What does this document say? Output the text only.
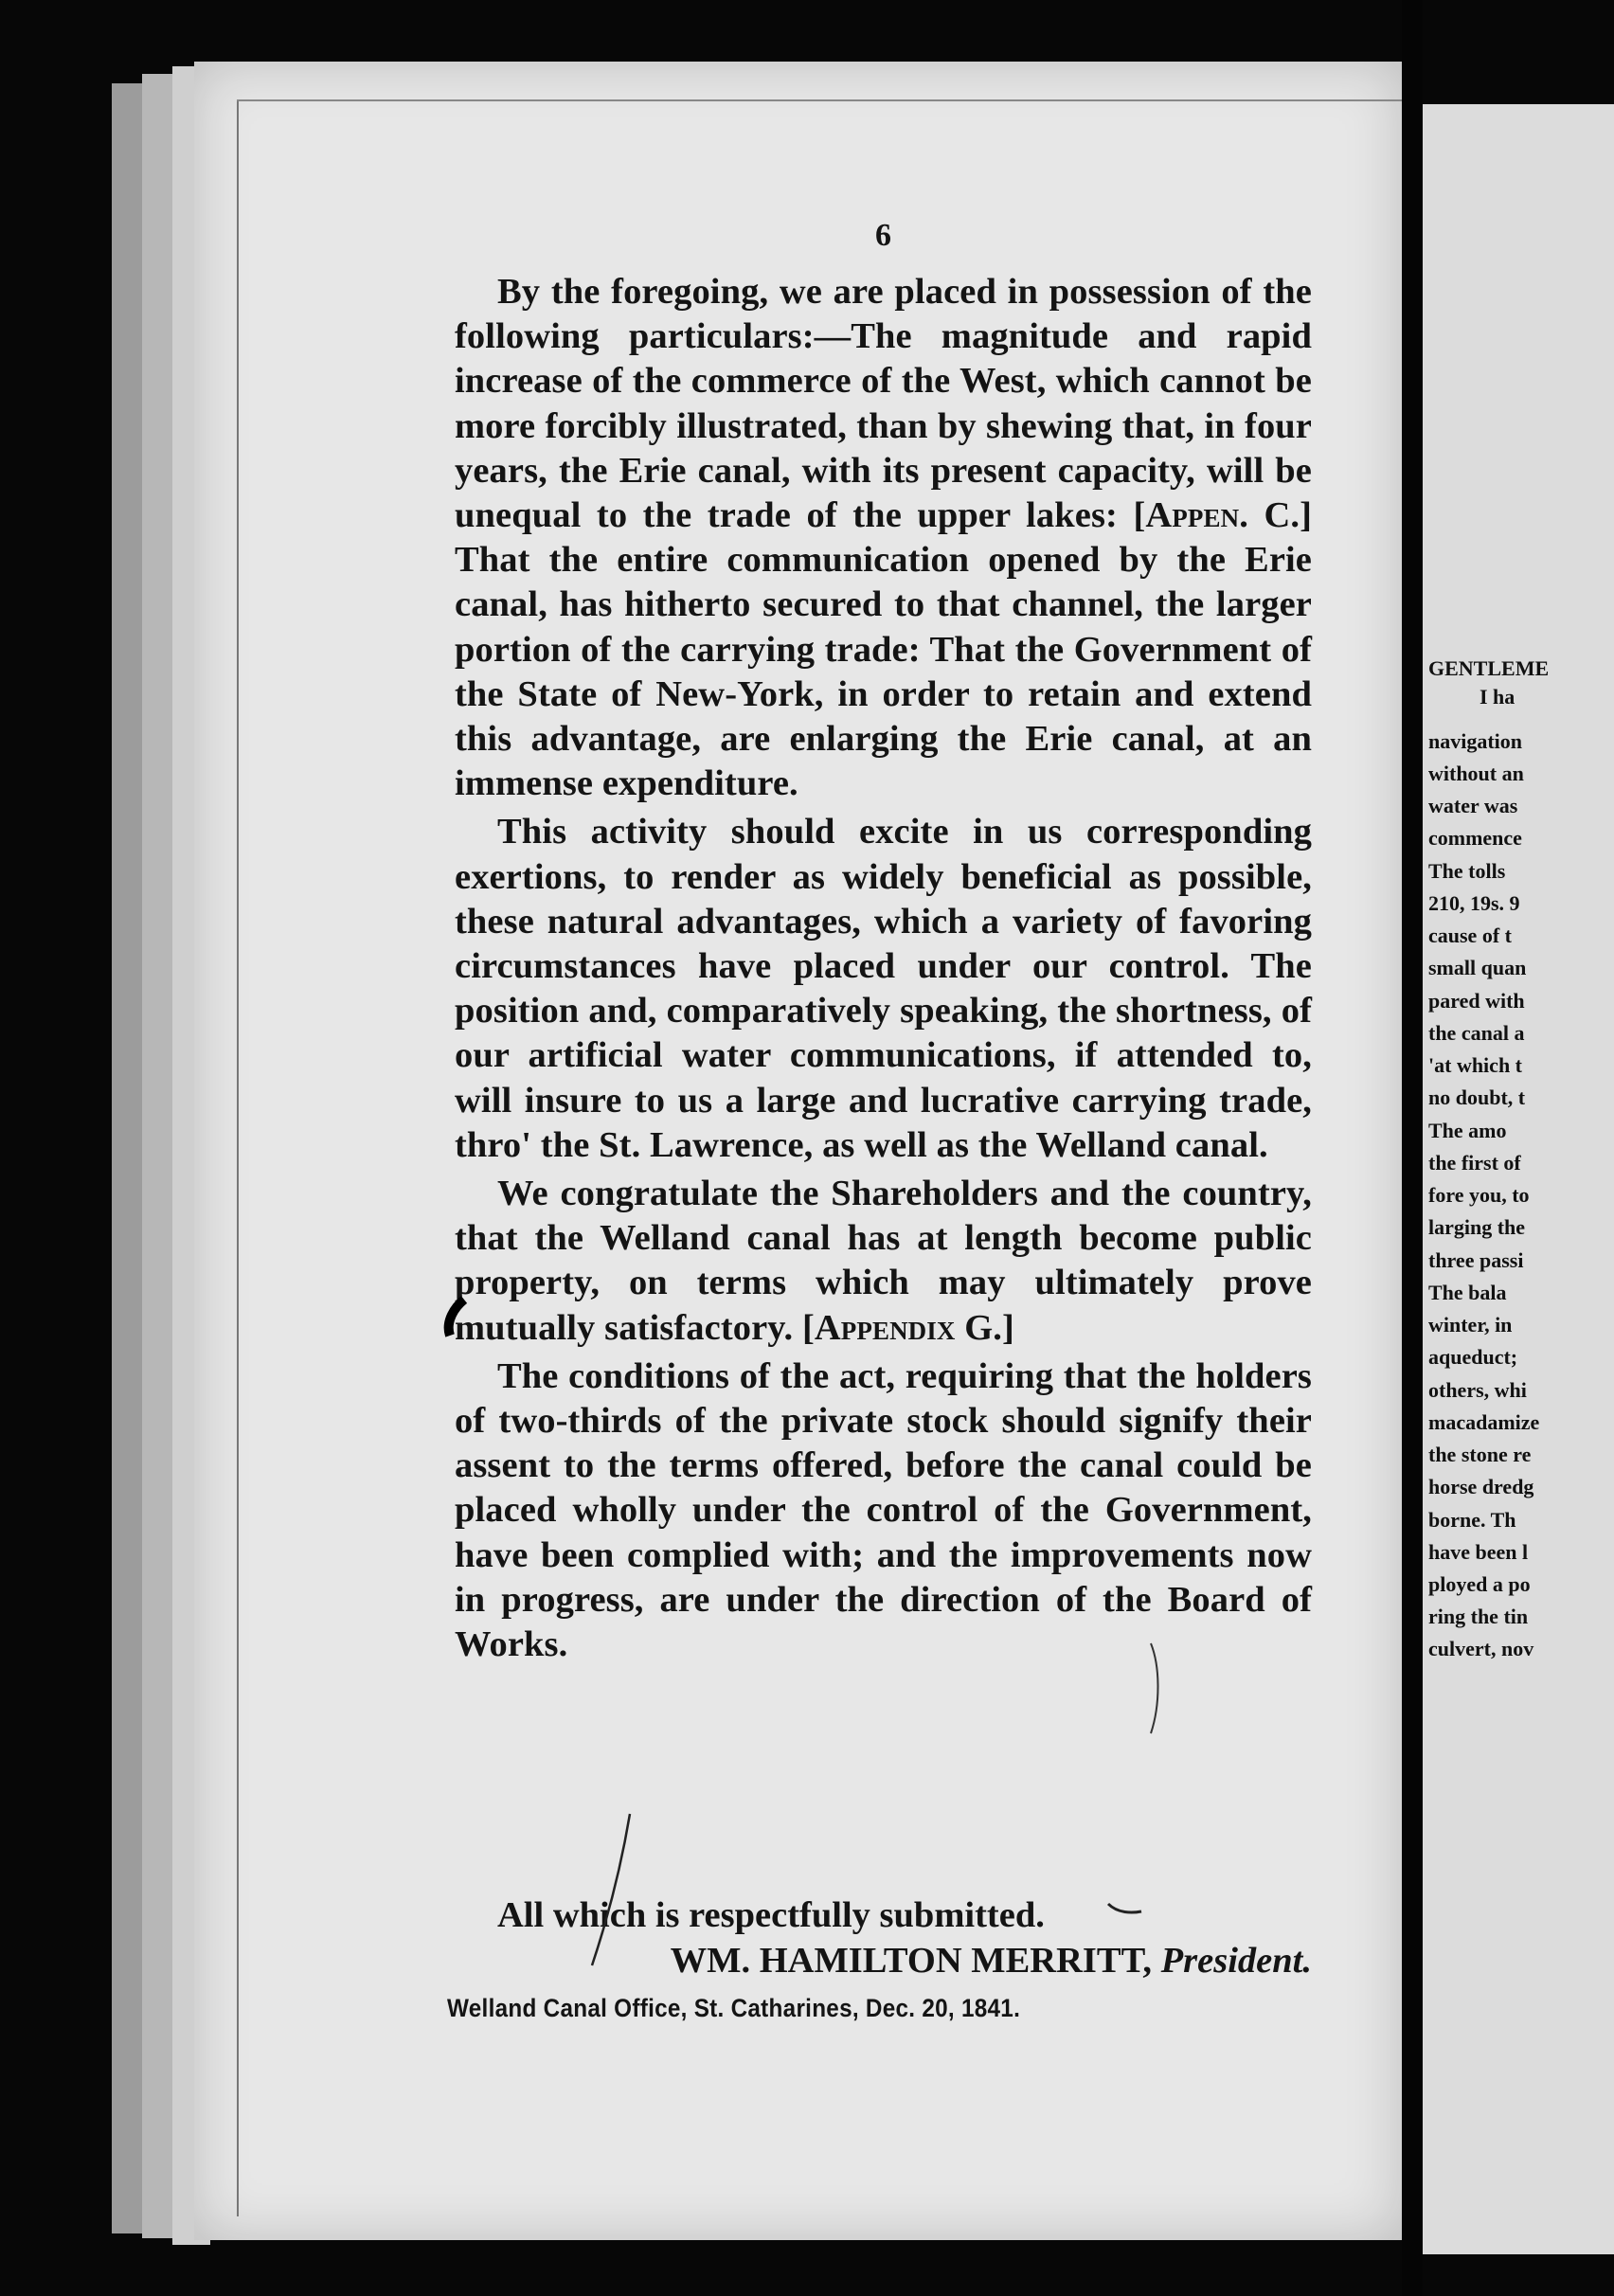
6

By the foregoing, we are placed in possession of the following particulars:—The magnitude and rapid increase of the commerce of the West, which cannot be more forcibly illustrated, than by shewing that, in four years, the Erie canal, with its present capacity, will be unequal to the trade of the upper lakes: [Appen. C.] That the entire communication opened by the Erie canal, has hitherto secured to that channel, the larger portion of the carrying trade: That the Government of the State of New-York, in order to retain and extend this advantage, are enlarging the Erie canal, at an immense expenditure.

This activity should excite in us corresponding exertions, to render as widely beneficial as possible, these natural advantages, which a variety of favoring circumstances have placed under our control. The position and, comparatively speaking, the shortness, of our artificial water communications, if attended to, will insure to us a large and lucrative carrying trade, thro' the St. Lawrence, as well as the Welland canal.

We congratulate the Shareholders and the country, that the Welland canal has at length become public property, on terms which may ultimately prove mutually satisfactory. [Appendix G.]

The conditions of the act, requiring that the holders of two-thirds of the private stock should signify their assent to the terms offered, before the canal could be placed wholly under the control of the Government, have been complied with; and the improvements now in progress, are under the direction of the Board of Works.

All which is respectfully submitted.
WM. HAMILTON MERRITT, President.
Welland Canal Office, St. Catharines, Dec. 20, 1841.
GENTLEME
I ha
navigation
without an
water was
commence
The tolls
210, 19s. 9
cause of t
small quan
pared with
the canal a
'at which t
no doubt, t
The amo
the first of
fore you, to
larging the
three passi
The bala
winter, in
aqueduct;
others, whi
macadamize
the stone re
horse dredg
borne. Th
have been l
ployed a po
ring the tin
culvert, nov
